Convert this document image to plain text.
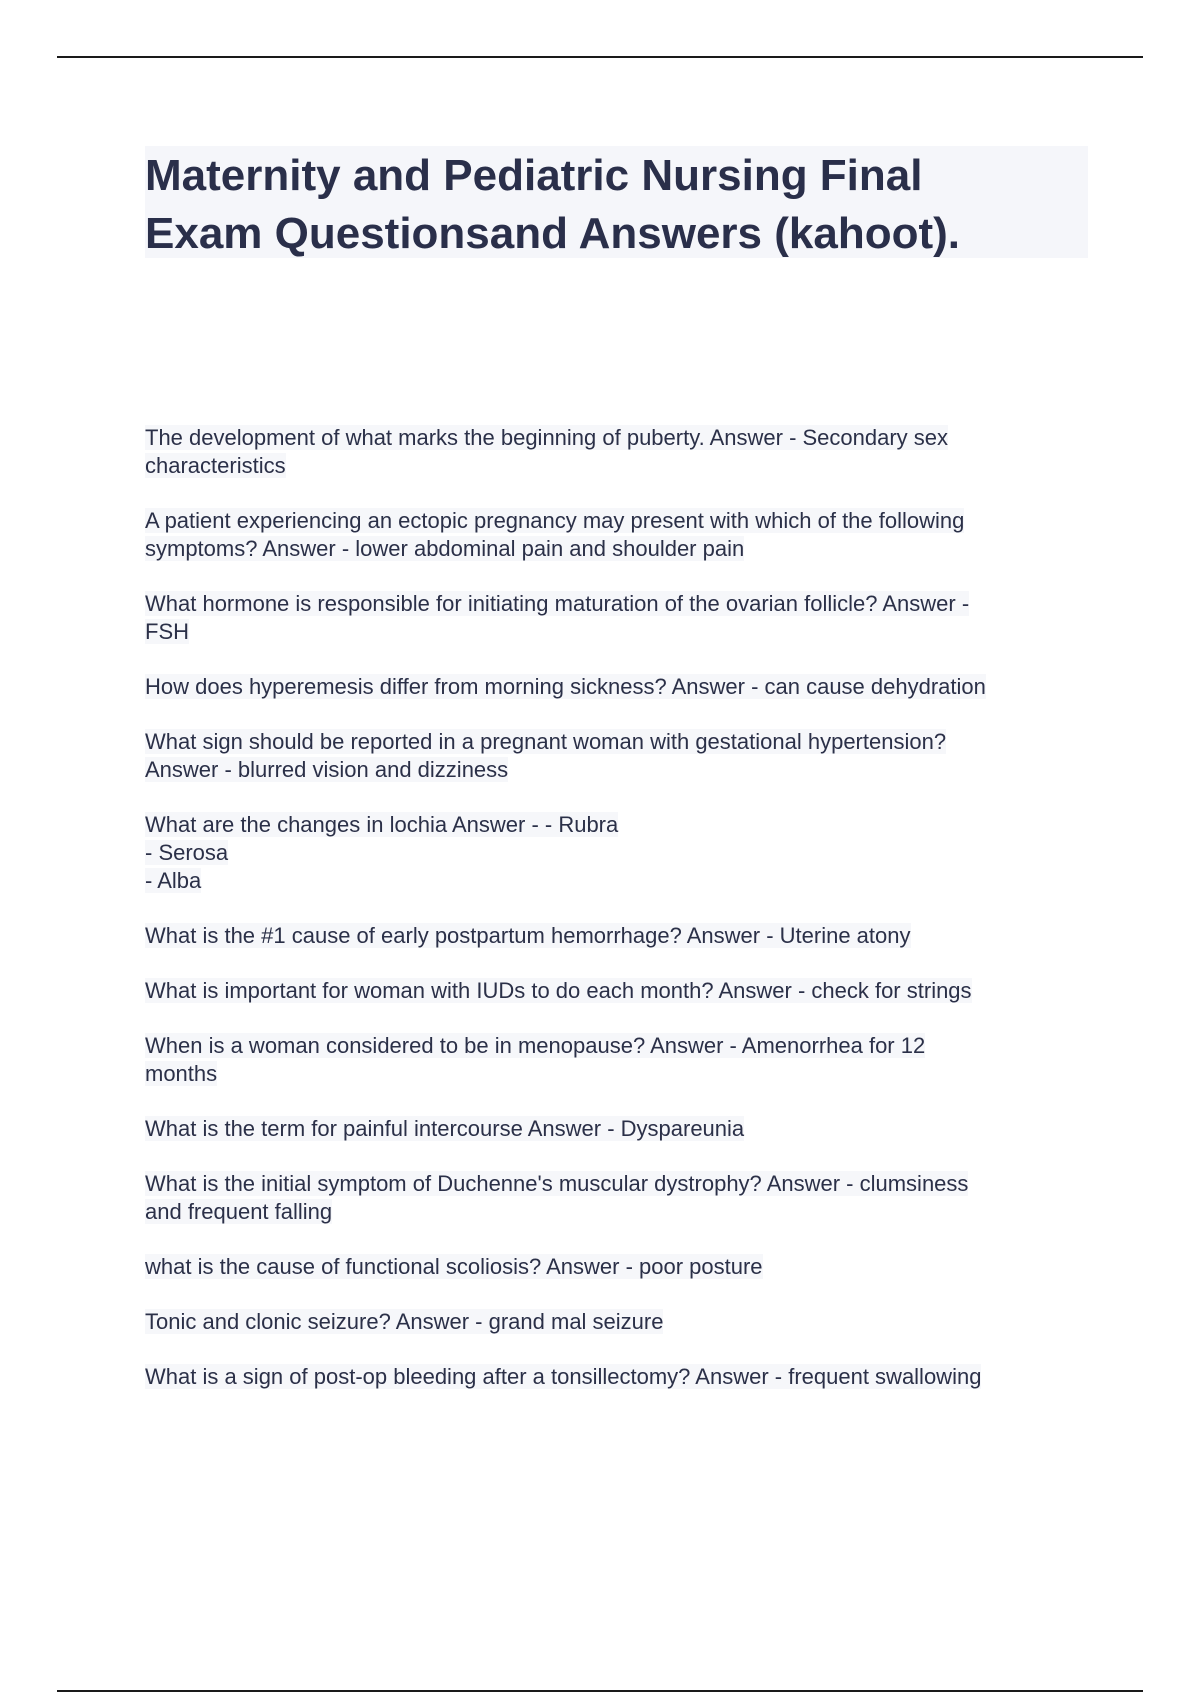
Maternity and Pediatric Nursing Final
Exam Questionsand Answers (kahoot).

The development of what marks the beginning of puberty. Answer - Secondary sex
characteristics

A patient experiencing an ectopic pregnancy may present with which of the following
symptoms? Answer - lower abdominal pain and shoulder pain

What hormone is responsible for initiating maturation of the ovarian follicle? Answer -
FSH

How does hyperemesis differ from morning sickness? Answer - can cause dehydration

What sign should be reported in a pregnant woman with gestational hypertension?
Answer - blurred vision and dizziness

What are the changes in lochia Answer - - Rubra
- Serosa
- Alba

What is the #1 cause of early postpartum hemorrhage? Answer - Uterine atony

What is important for woman with IUDs to do each month? Answer - check for strings

When is a woman considered to be in menopause? Answer - Amenorrhea for 12
months

What is the term for painful intercourse Answer - Dyspareunia

What is the initial symptom of Duchenne's muscular dystrophy? Answer - clumsiness
and frequent falling

what is the cause of functional scoliosis? Answer - poor posture

Tonic and clonic seizure? Answer - grand mal seizure

What is a sign of post-op bleeding after a tonsillectomy? Answer - frequent swallowing
